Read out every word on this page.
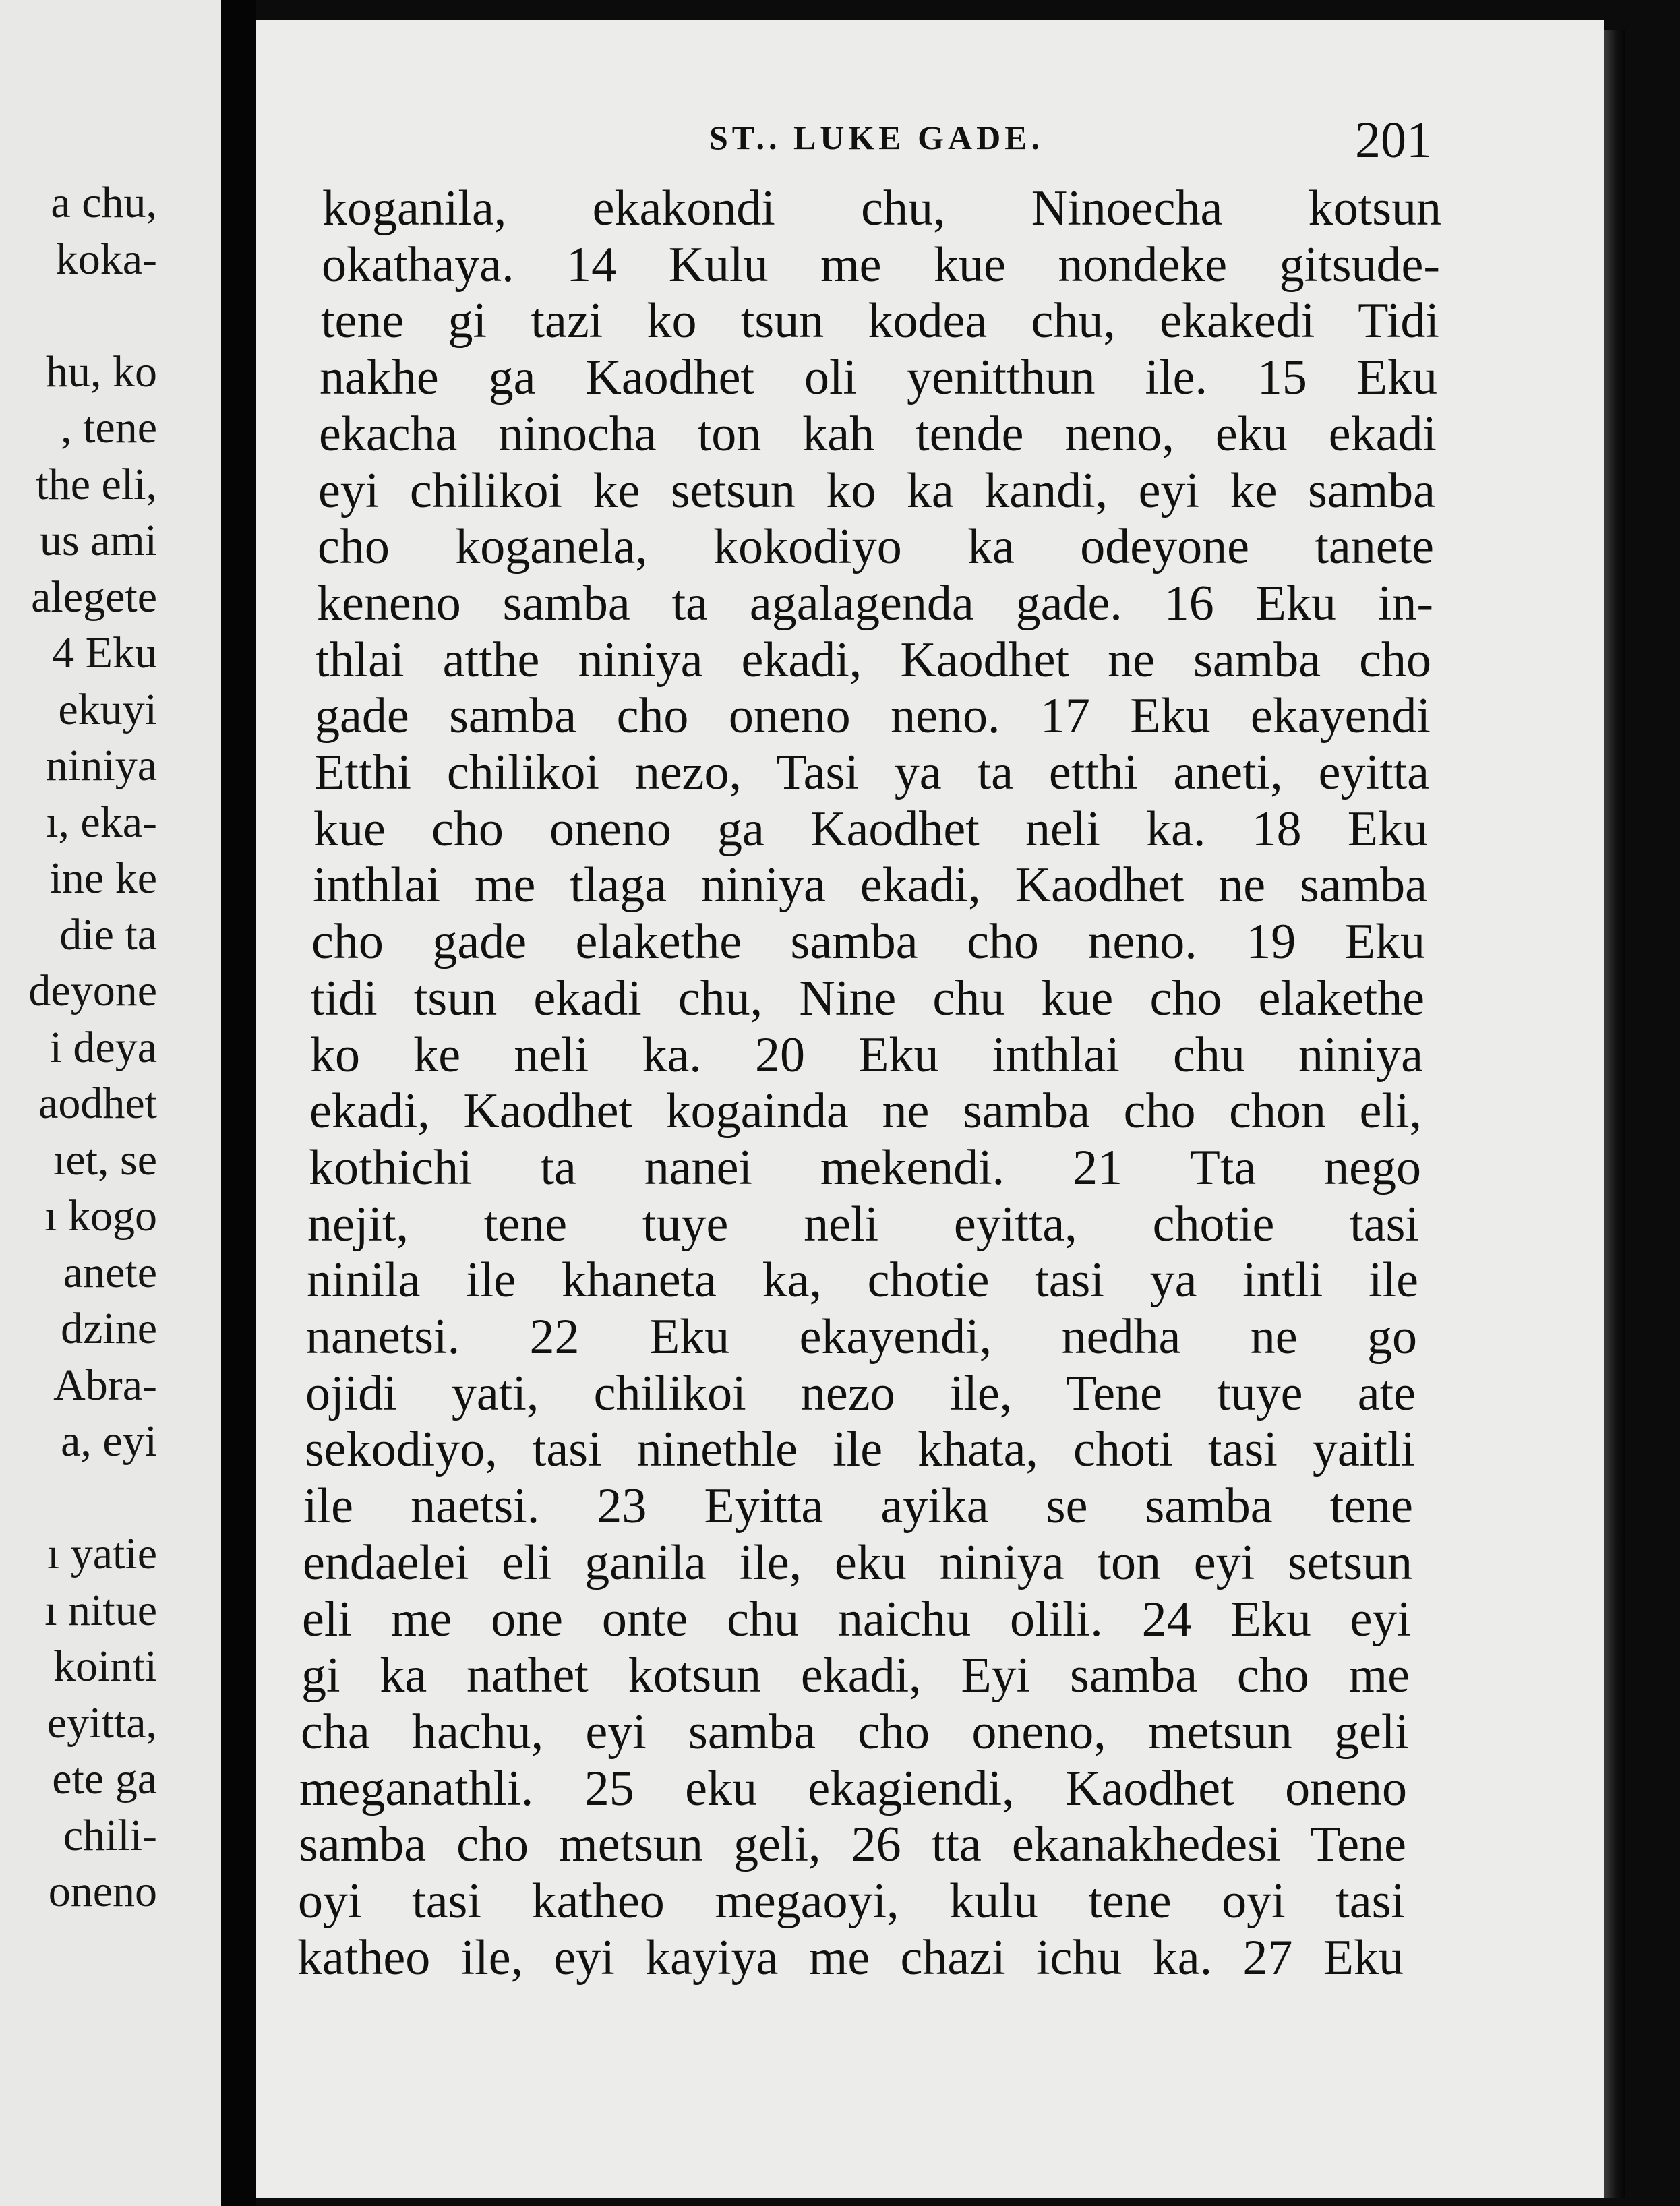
a chu,
koka-
hu, ko
, tene
the eli,
us ami
alegete
4 Eku
ekuyi
niniya
ı, eka-
ine ke
die ta
deyone
i deya
aodhet
ıet, se
ı kogo
anete
dzine
Abra-
a, eyi
ı yatie
ı nitue
kointi
eyitta,
ete ga
chili-
oneno
ST.. LUKE GADE.	201
koganila, ekakondi chu, Ninoecha kotsun
okathaya. 14 Kulu me kue nondeke gitsude-
tene gi tazi ko tsun kodea chu, ekakedi Tidi
nakhe ga Kaodhet oli yenitthun ile. 15 Eku
ekacha ninocha ton kah tende neno, eku ekadi
eyi chilikoi ke setsun ko ka kandi, eyi ke samba
cho koganela, kokodiyo ka odeyone tanete
keneno samba ta agalagenda gade. 16 Eku in-
thlai atthe niniya ekadi, Kaodhet ne samba cho
gade samba cho oneno neno. 17 Eku ekayendi
Etthi chilikoi nezo, Tasi ya ta etthi aneti, eyitta
kue cho oneno ga Kaodhet neli ka. 18 Eku
inthlai me tlaga niniya ekadi, Kaodhet ne samba
cho gade elakethe samba cho neno. 19 Eku
tidi tsun ekadi chu, Nine chu kue cho elakethe
ko ke neli ka. 20 Eku inthlai chu niniya
ekadi, Kaodhet kogainda ne samba cho chon eli,
kothichi ta nanei mekendi. 21 Tta nego
nejit, tene tuye neli eyitta, chotie tasi
ninila ile khaneta ka, chotie tasi ya intli ile
nanetsi. 22 Eku ekayendi, nedha ne go
ojidi yati, chilikoi nezo ile, Tene tuye ate
sekodiyo, tasi ninethle ile khata, choti tasi yaitli
ile naetsi. 23 Eyitta ayika se samba tene
endaelei eli ganila ile, eku niniya ton eyi setsun
eli me one onte chu naichu olili. 24 Eku eyi
gi ka nathet kotsun ekadi, Eyi samba cho me
cha hachu, eyi samba cho oneno, metsun geli
meganathli. 25 eku ekagiendi, Kaodhet oneno
samba cho metsun geli, 26 tta ekanakhedesi Tene
oyi tasi katheo megaoyi, kulu tene oyi tasi
katheo ile, eyi kayiya me chazi ichu ka. 27 Eku
